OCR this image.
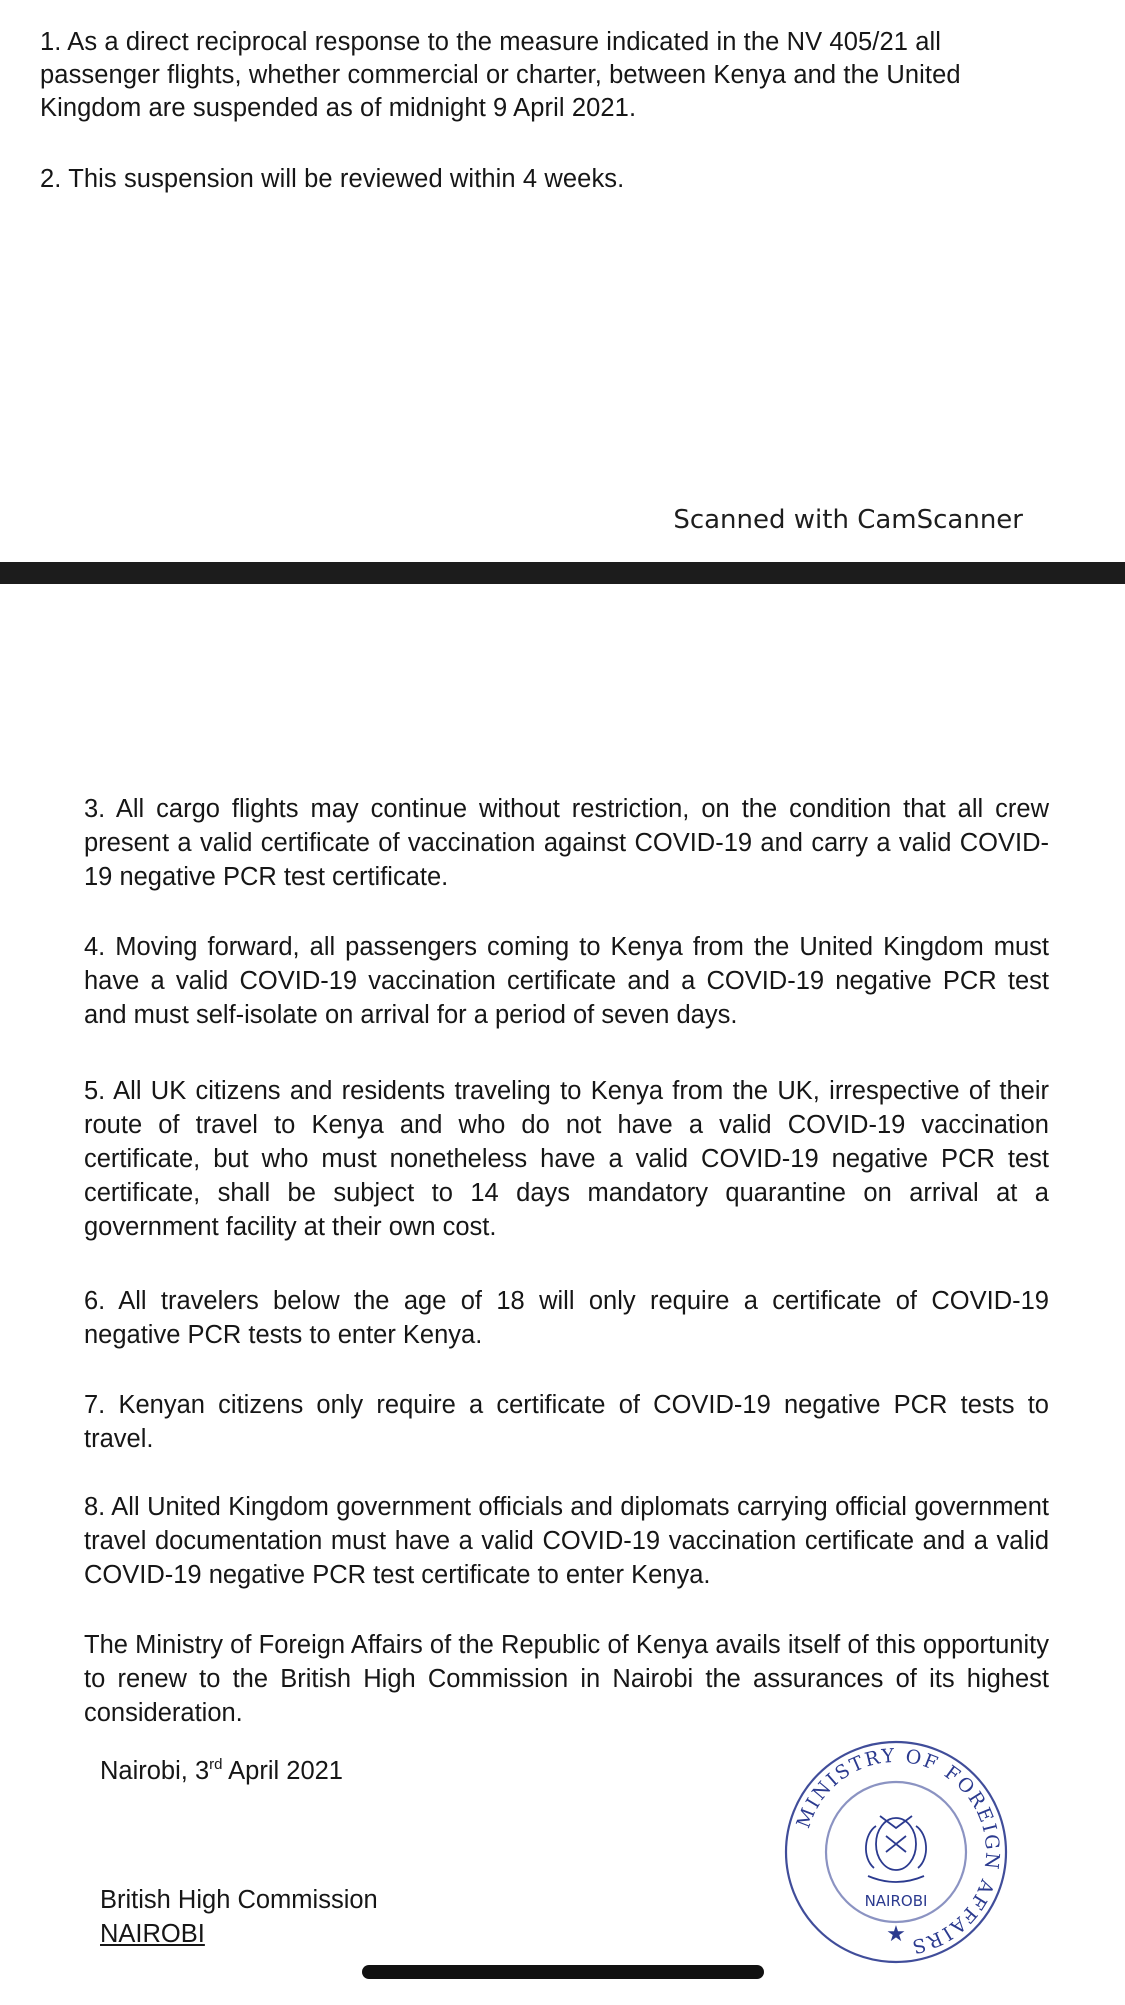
1. As a direct reciprocal response to the measure indicated in the NV 405/21 all passenger flights, whether commercial or charter, between Kenya and the United Kingdom are suspended as of midnight 9 April 2021.

2. This suspension will be reviewed within 4 weeks.

Scanned with CamScanner

3. All cargo flights may continue without restriction, on the condition that all crew present a valid certificate of vaccination against COVID-19 and carry a valid COVID-19 negative PCR test certificate.

4. Moving forward, all passengers coming to Kenya from the United Kingdom must have a valid COVID-19 vaccination certificate and a COVID-19 negative PCR test and must self-isolate on arrival for a period of seven days.

5. All UK citizens and residents traveling to Kenya from the UK, irrespective of their route of travel to Kenya and who do not have a valid COVID-19 vaccination certificate, but who must nonetheless have a valid COVID-19 negative PCR test certificate, shall be subject to 14 days mandatory quarantine on arrival at a government facility at their own cost.

6. All travelers below the age of 18 will only require a certificate of COVID-19 negative PCR tests to enter Kenya.

7. Kenyan citizens only require a certificate of COVID-19 negative PCR tests to travel.

8. All United Kingdom government officials and diplomats carrying official government travel documentation must have a valid COVID-19 vaccination certificate and a valid COVID-19 negative PCR test certificate to enter Kenya.

The Ministry of Foreign Affairs of the Republic of Kenya avails itself of this opportunity to renew to the British High Commission in Nairobi the assurances of its highest consideration.

Nairobi, 3rd April 2021
British High Commission
NAIROBI
MINISTRY OF FOREIGN AFFAIRS
NAIROBI
★
